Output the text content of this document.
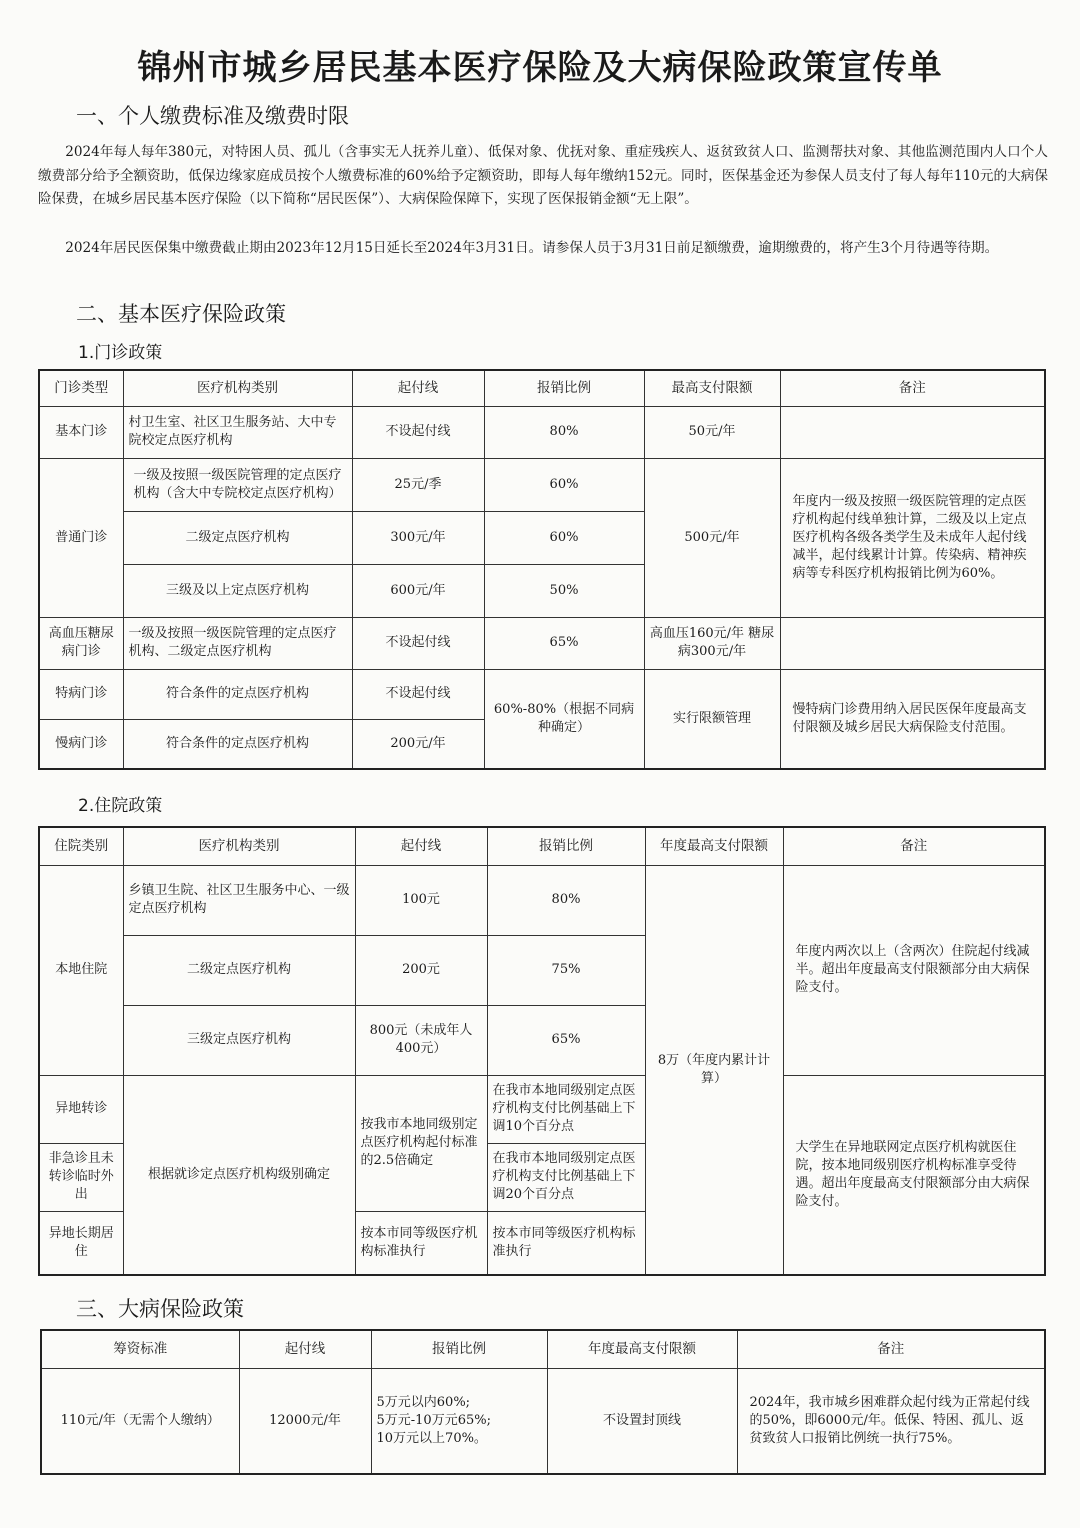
锦州市城乡居民基本医疗保险及大病保险政策宣传单
一、个人缴费标准及缴费时限
2024年每人每年380元，对特困人员、孤儿（含事实无人抚养儿童）、低保对象、优抚对象、重症残疾人、返贫致贫人口、监测帮扶对象、其他监测范围内人口个人缴费部分给予全额资助，低保边缘家庭成员按个人缴费标准的60%给予定额资助，即每人每年缴纳152元。同时，医保基金还为参保人员支付了每人每年110元的大病保险保费，在城乡居民基本医疗保险（以下简称“居民医保”）、大病保险保障下，实现了医保报销金额“无上限”。
2024年居民医保集中缴费截止期由2023年12月15日延长至2024年3月31日。请参保人员于3月31日前足额缴费，逾期缴费的，将产生3个月待遇等待期。
二、基本医疗保险政策
1.门诊政策
门诊类型	医疗机构类别	起付线	报销比例	最高支付限额	备注
基本门诊	村卫生室、社区卫生服务站、大中专院校定点医疗机构	不设起付线	80%	50元/年	
普通门诊	一级及按照一级医院管理的定点医疗机构（含大中专院校定点医疗机构）	25元/季	60%	500元/年	年度内一级及按照一级医院管理的定点医疗机构起付线单独计算，二级及以上定点医疗机构各级各类学生及未成年人起付线减半，起付线累计计算。传染病、精神疾病等专科医疗机构报销比例为60%。
	二级定点医疗机构	300元/年	60%		
	三级及以上定点医疗机构	600元/年	50%		
高血压糖尿病门诊	一级及按照一级医院管理的定点医疗机构、二级定点医疗机构	不设起付线	65%	高血压160元/年 糖尿病300元/年	
特病门诊	符合条件的定点医疗机构	不设起付线	60%-80%（根据不同病种确定）	实行限额管理	慢特病门诊费用纳入居民医保年度最高支付限额及城乡居民大病保险支付范围。
慢病门诊	符合条件的定点医疗机构	200元/年			
2.住院政策
住院类别	医疗机构类别	起付线	报销比例	年度最高支付限额	备注
本地住院	乡镇卫生院、社区卫生服务中心、一级定点医疗机构	100元	80%	8万（年度内累计计算）	年度内两次以上（含两次）住院起付线减半。超出年度最高支付限额部分由大病保险支付。
	二级定点医疗机构	200元	75%		
	三级定点医疗机构	800元（未成年人400元）	65%		
异地转诊	根据就诊定点医疗机构级别确定	按我市本地同级别定点医疗机构起付标准的2.5倍确定	在我市本地同级别定点医疗机构支付比例基础上下调10个百分点		大学生在异地联网定点医疗机构就医住院，按本地同级别医疗机构标准享受待遇。超出年度最高支付限额部分由大病保险支付。
非急诊且未转诊临时外出			在我市本地同级别定点医疗机构支付比例基础上下调20个百分点		
异地长期居住		按本市同等级医疗机构标准执行	按本市同等级医疗机构标准执行		
三、大病保险政策
筹资标准	起付线	报销比例	年度最高支付限额	备注
110元/年（无需个人缴纳）	12000元/年	5万元以内60%;
5万元-10万元65%;
10万元以上70%。	不设置封顶线	2024年，我市城乡困难群众起付线为正常起付线的50%，即6000元/年。低保、特困、孤儿、返贫致贫人口报销比例统一执行75%。
